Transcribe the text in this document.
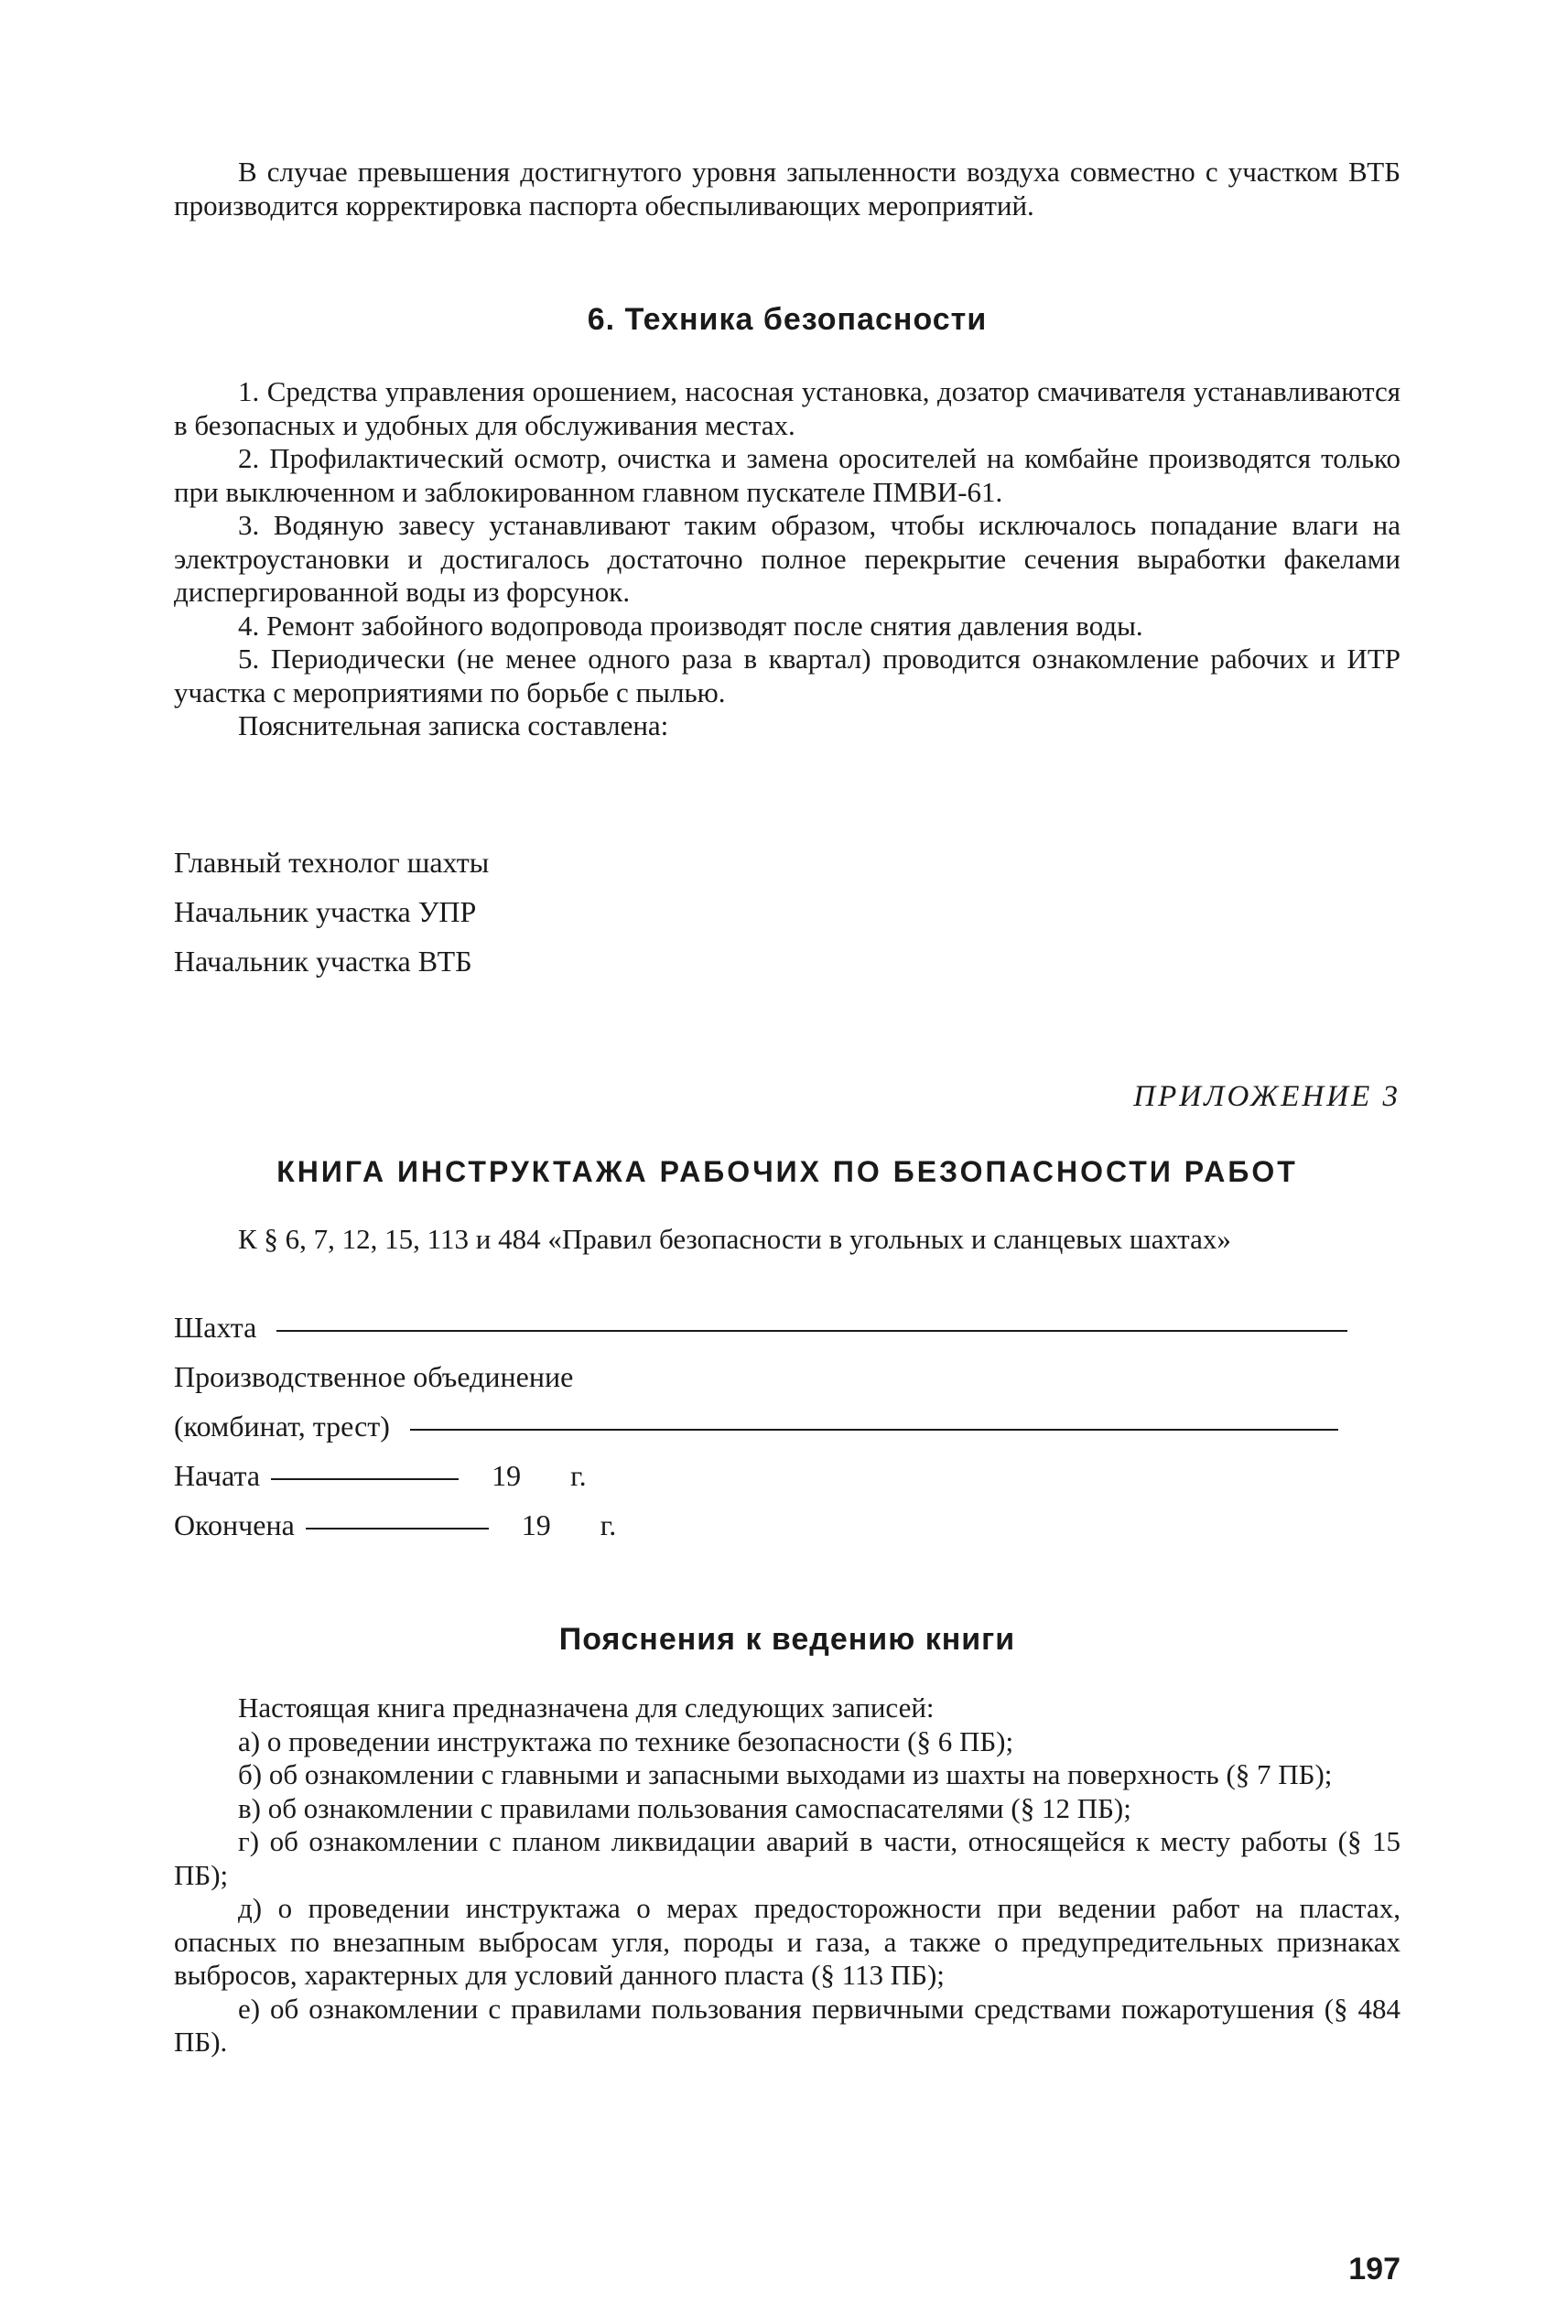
В случае превышения достигнутого уровня запыленности воздуха совместно с участком ВТБ производится корректировка паспорта обеспыливающих мероприятий.

6. Техника безопасности

1. Средства управления орошением, насосная установка, дозатор смачивателя устанавливаются в безопасных и удобных для обслуживания местах.

2. Профилактический осмотр, очистка и замена оросителей на комбайне производятся только при выключенном и заблокированном главном пускателе ПМВИ-61.

3. Водяную завесу устанавливают таким образом, чтобы исключалось попадание влаги на электроустановки и достигалось достаточно полное перекрытие сечения выработки факелами диспергированной воды из форсунок.

4. Ремонт забойного водопровода производят после снятия давления воды.

5. Периодически (не менее одного раза в квартал) проводится ознакомление рабочих и ИТР участка с мероприятиями по борьбе с пылью.

Пояснительная записка составлена:

Главный технолог шахты

Начальник участка УПР

Начальник участка ВТБ

ПРИЛОЖЕНИЕ 3

КНИГА ИНСТРУКТАЖА РАБОЧИХ ПО БЕЗОПАСНОСТИ РАБОТ

К § 6, 7, 12, 15, 113 и 484 «Правил безопасности в угольных и сланцевых шахтах»

Шахта

Производственное объединение

(комбинат, трест)

Начата	19 г.

Окончена	19 г.

Пояснения к ведению книги

Настоящая книга предназначена для следующих записей:

а) о проведении инструктажа по технике безопасности (§ 6 ПБ);

б) об ознакомлении с главными и запасными выходами из шахты на поверхность (§ 7 ПБ);

в) об ознакомлении с правилами пользования самоспасателями (§ 12 ПБ);

г) об ознакомлении с планом ликвидации аварий в части, относящейся к месту работы (§ 15 ПБ);

д) о проведении инструктажа о мерах предосторожности при ведении работ на пластах, опасных по внезапным выбросам угля, породы и газа, а также о предупредительных признаках выбросов, характерных для условий данного пласта (§ 113 ПБ);

е) об ознакомлении с правилами пользования первичными средствами пожаротушения (§ 484 ПБ).

197
